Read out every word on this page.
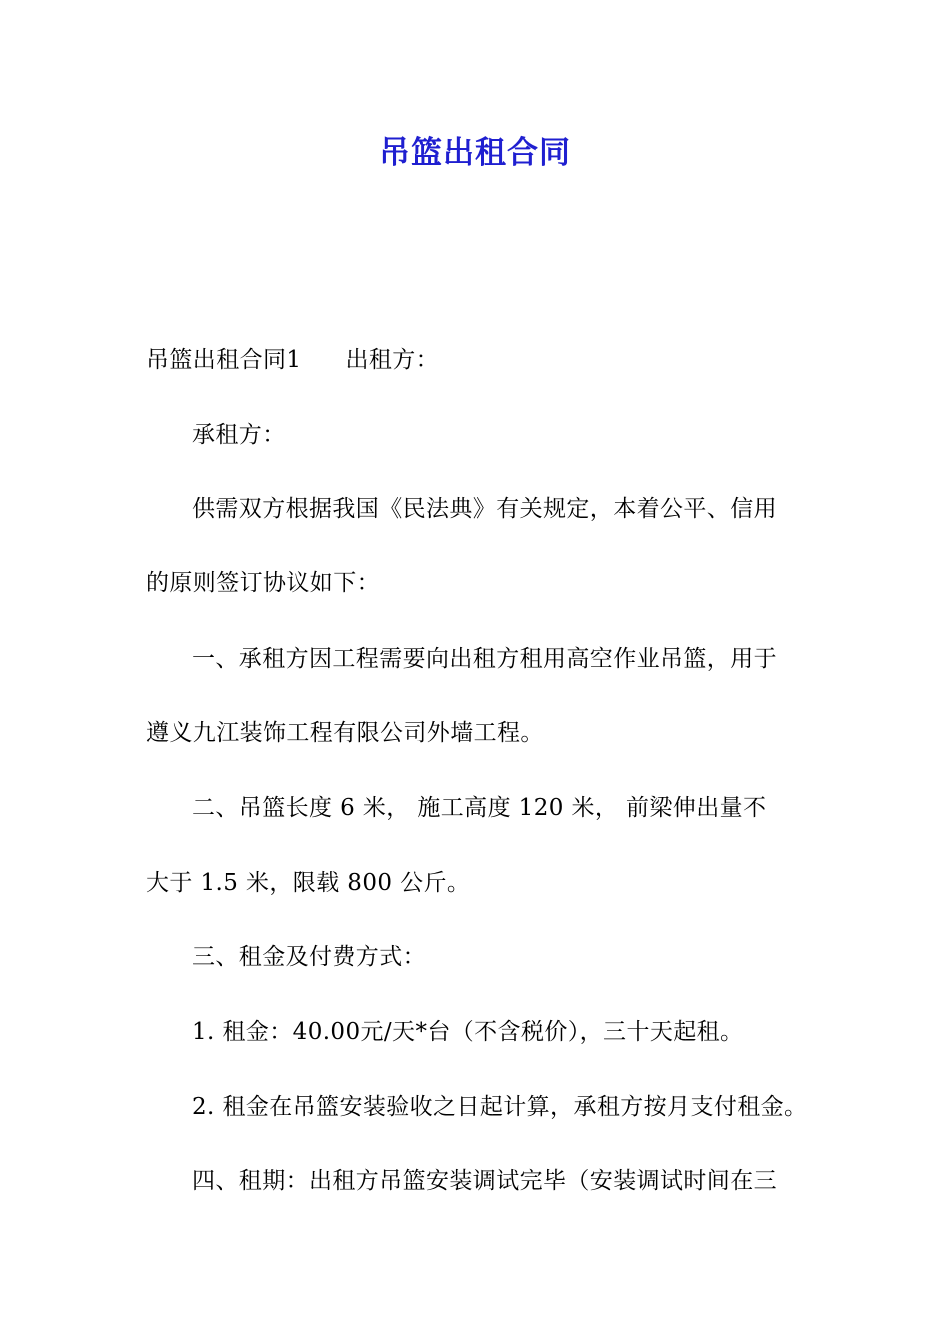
吊篮出租合同
吊篮出租合同1 出租方：
承租方：
供需双方根据我国《民法典》有关规定，本着公平、信用
的原则签订协议如下：
一、承租方因工程需要向出租方租用高空作业吊篮，用于
遵义九江装饰工程有限公司外墙工程。
二、吊篮长度 6 米， 施工高度 120 米， 前梁伸出量不
大于 1.5 米，限载 800 公斤。
三、租金及付费方式：
1. 租金：40.00元/天*台（不含税价），三十天起租。
2. 租金在吊篮安装验收之日起计算，承租方按月支付租金。
四、租期：出租方吊篮安装调试完毕（安装调试时间在三
